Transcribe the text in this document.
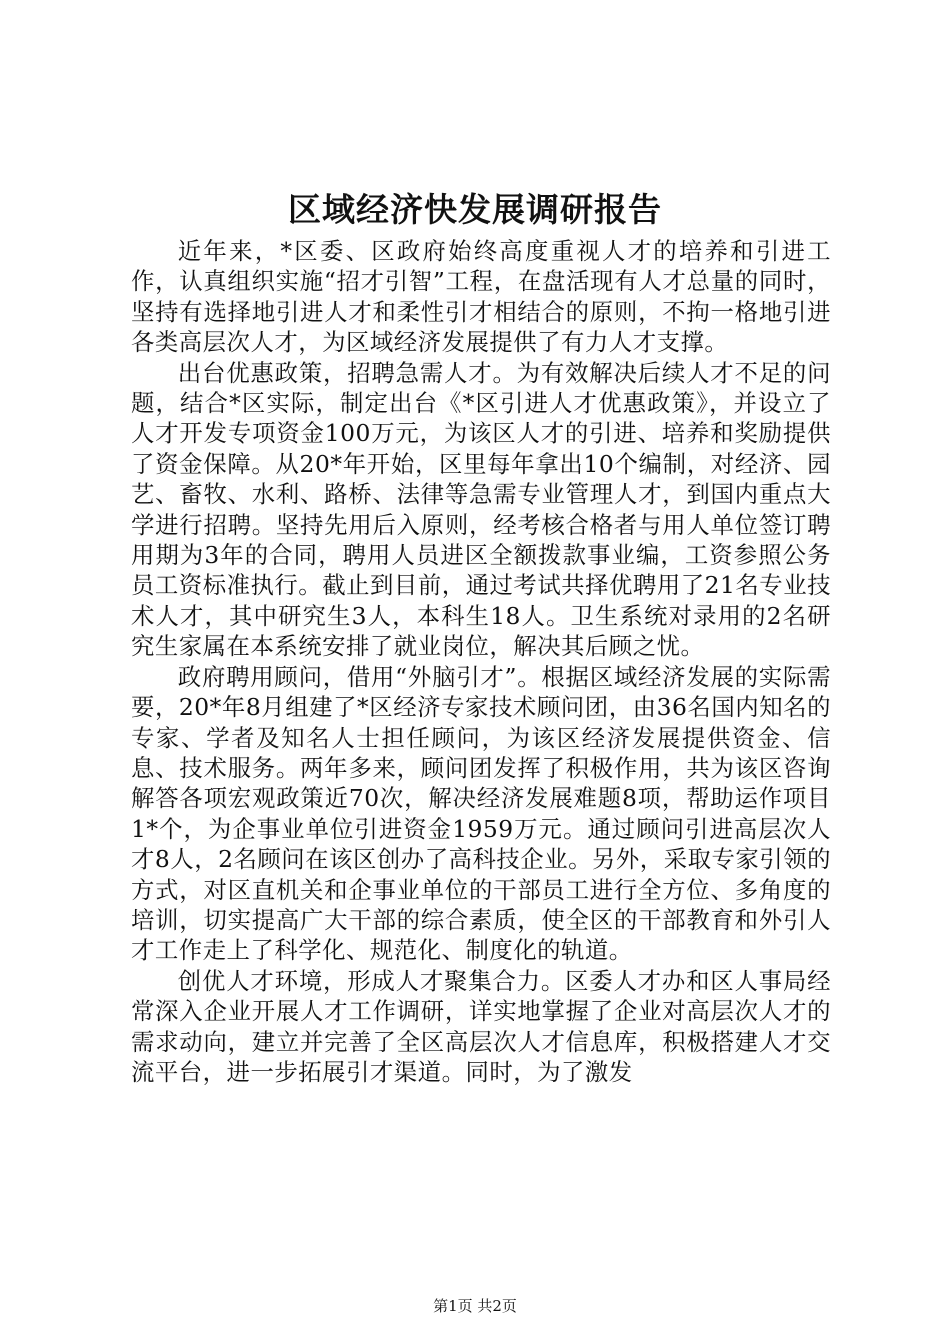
区域经济快发展调研报告

近年来，*区委、区政府始终高度重视人才的培养和引进工作，认真组织实施“招才引智”工程，在盘活现有人才总量的同时，坚持有选择地引进人才和柔性引才相结合的原则，不拘一格地引进各类高层次人才，为区域经济发展提供了有力人才支撑。

出台优惠政策，招聘急需人才。为有效解决后续人才不足的问题，结合*区实际，制定出台《*区引进人才优惠政策》，并设立了人才开发专项资金100万元，为该区人才的引进、培养和奖励提供了资金保障。从20*年开始，区里每年拿出10个编制，对经济、园艺、畜牧、水利、路桥、法律等急需专业管理人才，到国内重点大学进行招聘。坚持先用后入原则，经考核合格者与用人单位签订聘用期为3年的合同，聘用人员进区全额拨款事业编，工资参照公务员工资标准执行。截止到目前，通过考试共择优聘用了21名专业技术人才，其中研究生3人，本科生18人。卫生系统对录用的2名研究生家属在本系统安排了就业岗位，解决其后顾之忧。

政府聘用顾问，借用“外脑引才”。根据区域经济发展的实际需要，20*年8月组建了*区经济专家技术顾问团，由36名国内知名的专家、学者及知名人士担任顾问，为该区经济发展提供资金、信息、技术服务。两年多来，顾问团发挥了积极作用，共为该区咨询解答各项宏观政策近70次，解决经济发展难题8项，帮助运作项目1*个，为企事业单位引进资金1959万元。通过顾问引进高层次人才8人，2名顾问在该区创办了高科技企业。另外，采取专家引领的方式，对区直机关和企事业单位的干部员工进行全方位、多角度的培训，切实提高广大干部的综合素质，使全区的干部教育和外引人才工作走上了科学化、规范化、制度化的轨道。

创优人才环境，形成人才聚集合力。区委人才办和区人事局经常深入企业开展人才工作调研，详实地掌握了企业对高层次人才的需求动向，建立并完善了全区高层次人才信息库，积极搭建人才交流平台，进一步拓展引才渠道。同时，为了激发

第1页 共2页
